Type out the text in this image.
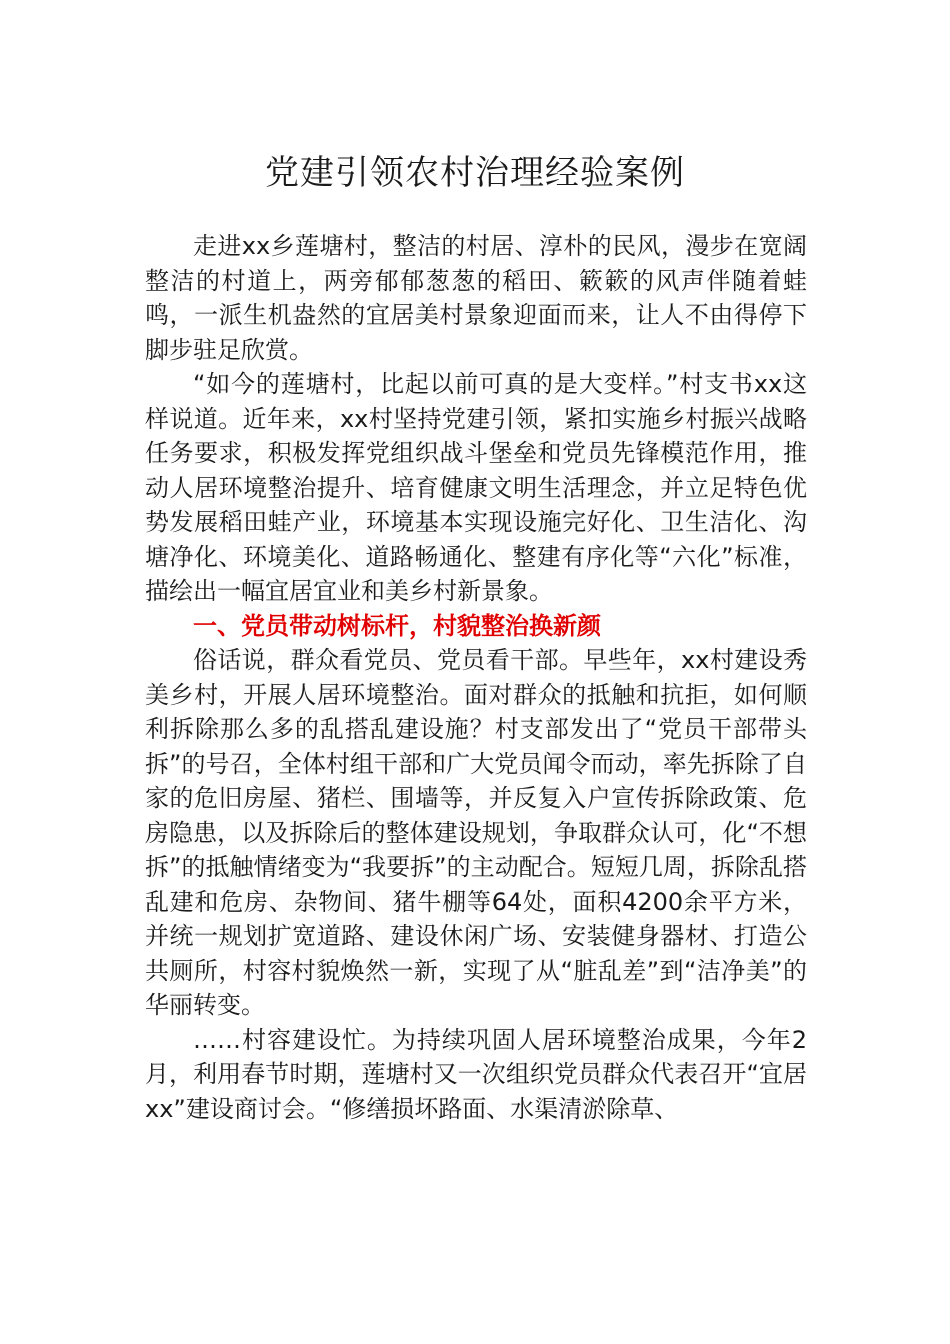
党建引领农村治理经验案例

走进xx乡莲塘村，整洁的村居、淳朴的民风，漫步在宽阔整洁的村道上，两旁郁郁葱葱的稻田、簌簌的风声伴随着蛙鸣，一派生机盎然的宜居美村景象迎面而来，让人不由得停下脚步驻足欣赏。

“如今的莲塘村，比起以前可真的是大变样。”村支书xx这样说道。近年来，xx村坚持党建引领，紧扣实施乡村振兴战略任务要求，积极发挥党组织战斗堡垒和党员先锋模范作用，推动人居环境整治提升、培育健康文明生活理念，并立足特色优势发展稻田蛙产业，环境基本实现设施完好化、卫生洁化、沟塘净化、环境美化、道路畅通化、整建有序化等“六化”标准，描绘出一幅宜居宜业和美乡村新景象。

一、党员带动树标杆，村貌整治换新颜

俗话说，群众看党员、党员看干部。早些年，xx村建设秀美乡村，开展人居环境整治。面对群众的抵触和抗拒，如何顺利拆除那么多的乱搭乱建设施？村支部发出了“党员干部带头拆”的号召，全体村组干部和广大党员闻令而动，率先拆除了自家的危旧房屋、猪栏、围墙等，并反复入户宣传拆除政策、危房隐患，以及拆除后的整体建设规划，争取群众认可，化“不想拆”的抵触情绪变为“我要拆”的主动配合。短短几周，拆除乱搭乱建和危房、杂物间、猪牛棚等64处，面积4200余平方米，并统一规划扩宽道路、建设休闲广场、安装健身器材、打造公共厕所，村容村貌焕然一新，实现了从“脏乱差”到“洁净美”的华丽转变。

……村容建设忙。为持续巩固人居环境整治成果，今年2月，利用春节时期，莲塘村又一次组织党员群众代表召开“宜居xx”建设商讨会。“修缮损坏路面、水渠清淤除草、
